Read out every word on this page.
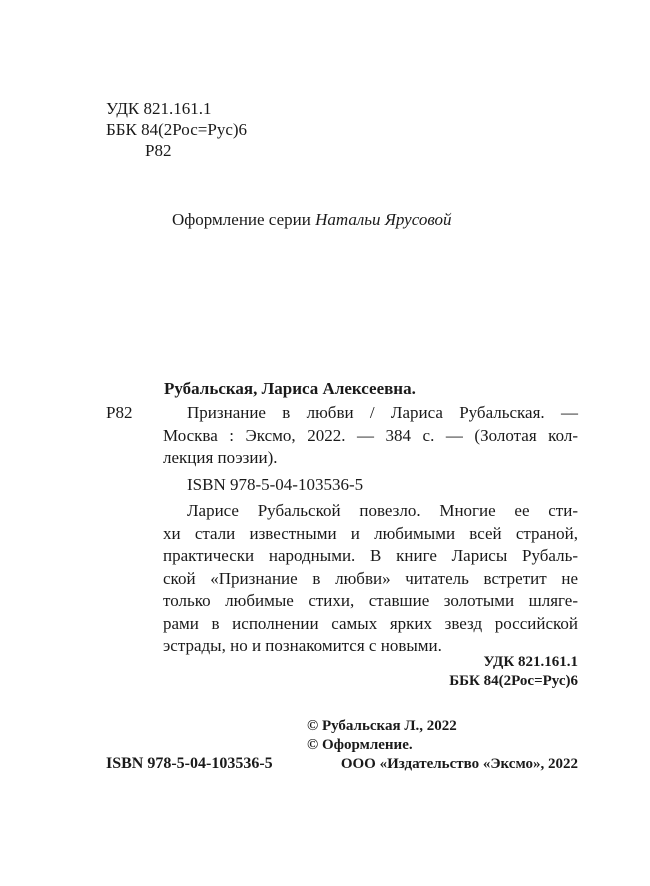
УДК 821.161.1
ББК 84(2Рос=Рус)6
Р82
Оформление серии Натальи Ярусовой
Рубальская, Лариса Алексеевна.
Р82	Признание в любви / Лариса Рубальская. —
Москва : Эксмо, 2022. — 384 с. — (Золотая кол-
лекция поэзии).
ISBN 978-5-04-103536-5
Ларисе Рубальской повезло. Многие ее сти-
хи стали известными и любимыми всей страной,
практически народными. В книге Ларисы Рубаль-
ской «Признание в любви» читатель встретит не
только любимые стихи, ставшие золотыми шляге-
рами в исполнении самых ярких звезд российской
эстрады, но и познакомится с новыми.
УДК 821.161.1
ББК 84(2Рос=Рус)6
© Рубальская Л., 2022
© Оформление.
ООО «Издательство «Эксмо», 2022
ISBN 978-5-04-103536-5
